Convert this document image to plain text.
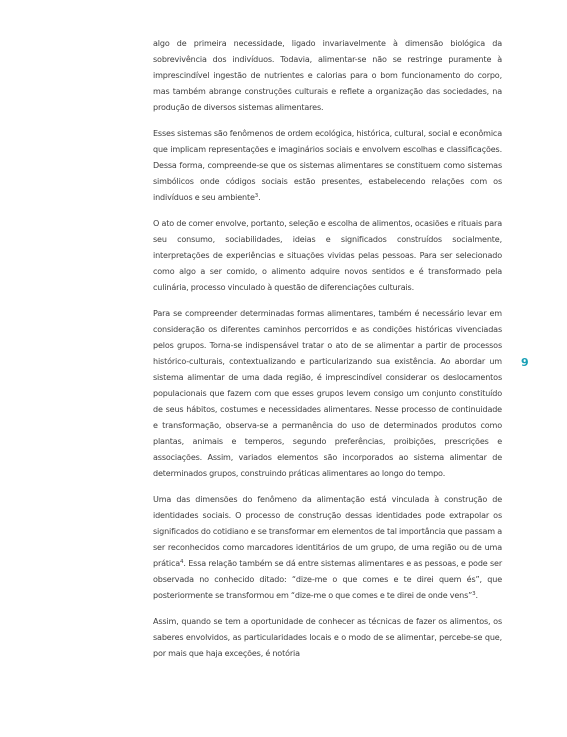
algo de primeira necessidade, ligado invariavelmente à dimensão biológica da sobrevivência dos indivíduos. Todavia, alimentar-se não se restringe puramente à imprescindível ingestão de nutrientes e calorias para o bom funcionamento do corpo, mas também abrange construções culturais e reflete a organização das sociedades, na produção de diversos sistemas alimentares.

Esses sistemas são fenômenos de ordem ecológica, histórica, cultural, social e econômica que implicam representações e imaginários sociais e envolvem escolhas e classificações. Dessa forma, compreende-se que os sistemas alimentares se constituem como sistemas simbólicos onde códigos sociais estão presentes, estabelecendo relações com os indivíduos e seu ambiente$^3$.

O ato de comer envolve, portanto, seleção e escolha de alimentos, ocasiões e rituais para seu consumo, sociabilidades, ideias e significados construídos socialmente, interpretações de experiências e situações vividas pelas pessoas. Para ser selecionado como algo a ser comido, o alimento adquire novos sentidos e é transformado pela culinária, processo vinculado à questão de diferenciações culturais.

Para se compreender determinadas formas alimentares, também é necessário levar em consideração os diferentes caminhos percorridos e as condições históricas vivenciadas pelos grupos. Torna-se indispensável tratar o ato de se alimentar a partir de processos histórico-culturais, contextualizando e particularizando sua existência. Ao abordar um sistema alimentar de uma dada região, é imprescindível considerar os deslocamentos populacionais que fazem com que esses grupos levem consigo um conjunto constituído de seus hábitos, costumes e necessidades alimentares. Nesse processo de continuidade e transformação, observa-se a permanência do uso de determinados produtos como plantas, animais e temperos, segundo preferências, proibições, prescrições e associações. Assim, variados elementos são incorporados ao sistema alimentar de determinados grupos, construindo práticas alimentares ao longo do tempo.

Uma das dimensões do fenômeno da alimentação está vinculada à construção de identidades sociais. O processo de construção dessas identidades pode extrapolar os significados do cotidiano e se transformar em elementos de tal importância que passam a ser reconhecidos como marcadores identitários de um grupo, de uma região ou de uma prática$^4$. Essa relação também se dá entre sistemas alimentares e as pessoas, e pode ser observada no conhecido ditado: “dize-me o que comes e te direi quem és”, que posteriormente se transformou em “dize-me o que comes e te direi de onde vens”$^3$.

Assim, quando se tem a oportunidade de conhecer as técnicas de fazer os alimentos, os saberes envolvidos, as particularidades locais e o modo de se alimentar, percebe-se que, por mais que haja exceções, é notória

9
